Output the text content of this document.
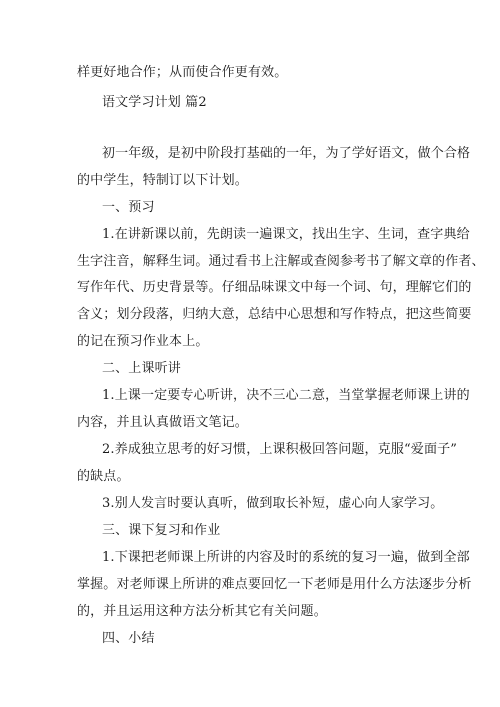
样更好地合作；从而使合作更有效。
语文学习计划 篇2
初一年级，是初中阶段打基础的一年，为了学好语文，做个合格
的中学生，特制订以下计划。
一、预习
1.在讲新课以前，先朗读一遍课文，找出生字、生词，查字典给
生字注音，解释生词。通过看书上注解或查阅参考书了解文章的作者、
写作年代、历史背景等。仔细品味课文中每一个词、句，理解它们的
含义；划分段落，归纳大意，总结中心思想和写作特点，把这些简要
的记在预习作业本上。
二、上课听讲
1.上课一定要专心听讲，决不三心二意，当堂掌握老师课上讲的
内容，并且认真做语文笔记。
2.养成独立思考的好习惯，上课积极回答问题，克服“爱面子”
的缺点。
3.别人发言时要认真听，做到取长补短，虚心向人家学习。
三、课下复习和作业
1.下课把老师课上所讲的内容及时的系统的复习一遍，做到全部
掌握。对老师课上所讲的难点要回忆一下老师是用什么方法逐步分析
的，并且运用这种方法分析其它有关问题。
四、小结
